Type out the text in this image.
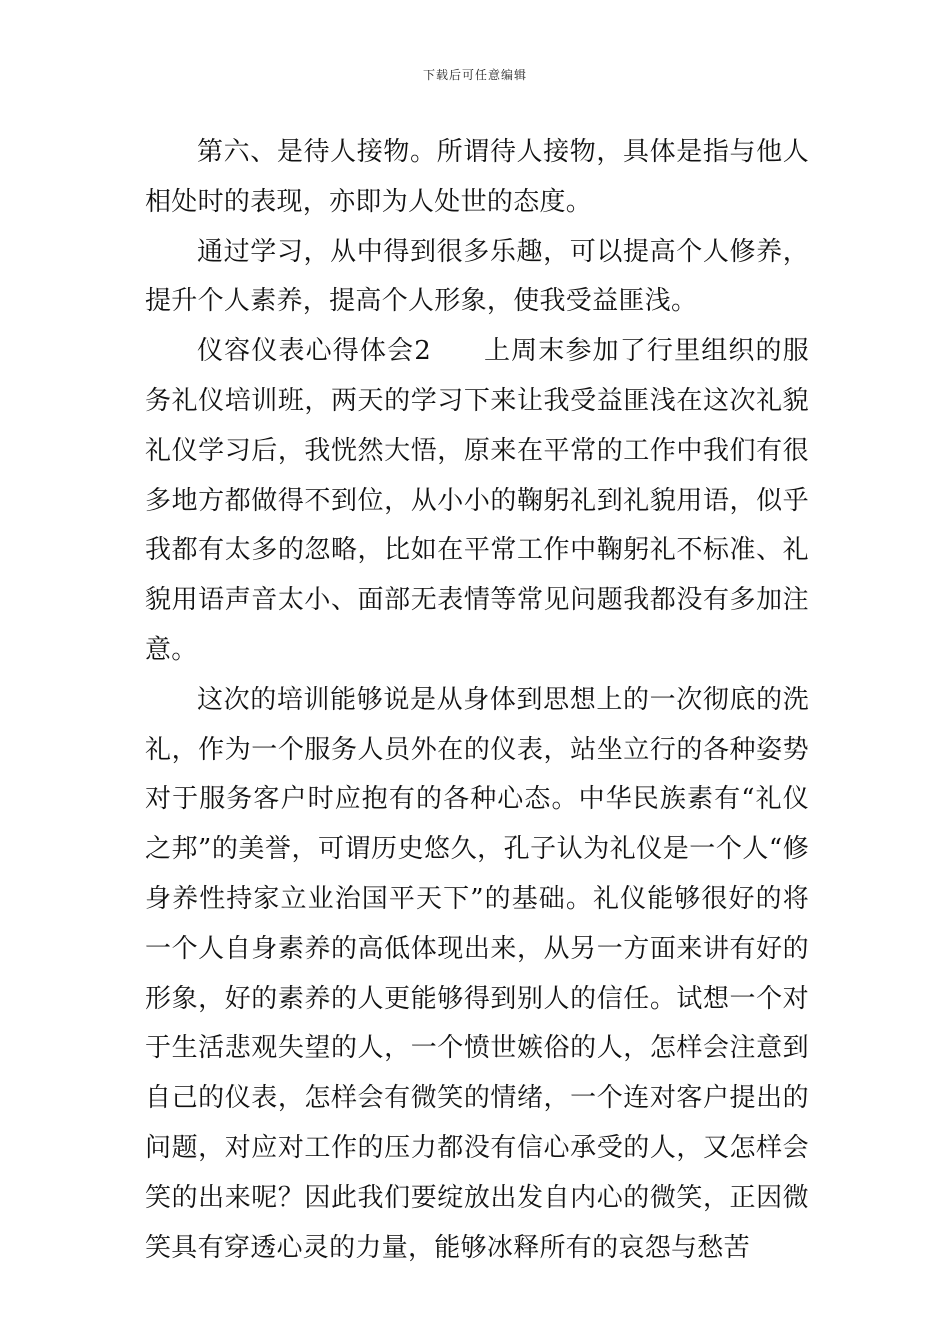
下载后可任意编辑

第六、是待人接物。所谓待人接物，具体是指与他人相处时的表现，亦即为人处世的态度。

通过学习，从中得到很多乐趣，可以提高个人修养，提升个人素养，提高个人形象，使我受益匪浅。

仪容仪表心得体会2 上周末参加了行里组织的服务礼仪培训班，两天的学习下来让我受益匪浅在这次礼貌礼仪学习后，我恍然大悟，原来在平常的工作中我们有很多地方都做得不到位，从小小的鞠躬礼到礼貌用语，似乎我都有太多的忽略，比如在平常工作中鞠躬礼不标准、礼貌用语声音太小、面部无表情等常见问题我都没有多加注意。

这次的培训能够说是从身体到思想上的一次彻底的洗礼，作为一个服务人员外在的仪表，站坐立行的各种姿势对于服务客户时应抱有的各种心态。中华民族素有“礼仪之邦”的美誉，可谓历史悠久，孔子认为礼仪是一个人“修身养性持家立业治国平天下”的基础。礼仪能够很好的将一个人自身素养的高低体现出来，从另一方面来讲有好的形象，好的素养的人更能够得到别人的信任。试想一个对于生活悲观失望的人，一个愤世嫉俗的人，怎样会注意到自己的仪表，怎样会有微笑的情绪，一个连对客户提出的问题，对应对工作的压力都没有信心承受的人，又怎样会笑的出来呢？因此我们要绽放出发自内心的微笑，正因微笑具有穿透心灵的力量，能够冰释所有的哀怨与愁苦
